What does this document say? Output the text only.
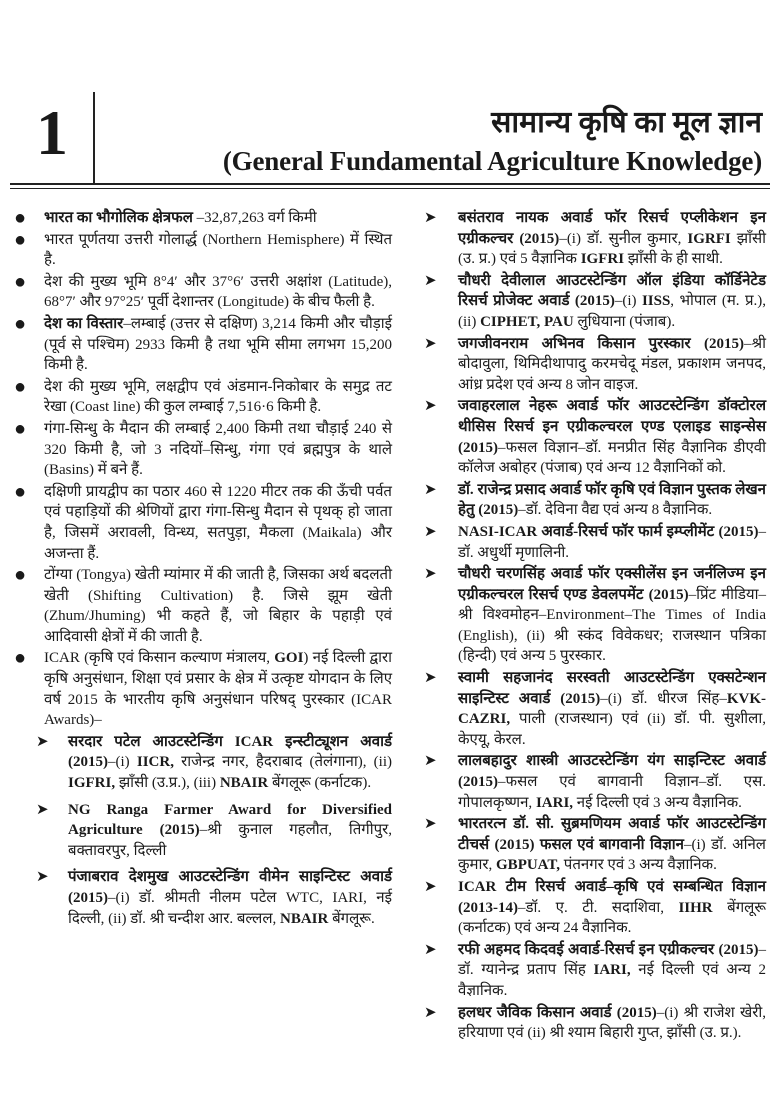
1	सामान्य कृषि का मूल ज्ञान
(General Fundamental Agriculture Knowledge)
● भारत का भौगोलिक क्षेत्रफल –32,87,263 वर्ग किमी
● भारत पूर्णतया उत्तरी गोलार्द्ध (Northern Hemisphere) में स्थित है.
● देश की मुख्य भूमि 8°4′ और 37°6′ उत्तरी अक्षांश (Latitude), 68°7′ और 97°25′ पूर्वी देशान्तर (Longitude) के बीच फैली है.
● देश का विस्तार–लम्बाई (उत्तर से दक्षिण) 3,214 किमी और चौड़ाई (पूर्व से पश्चिम) 2933 किमी है तथा भूमि सीमा लगभग 15,200 किमी है.
● देश की मुख्य भूमि, लक्षद्वीप एवं अंडमान-निकोबार के समुद्र तट रेखा (Coast line) की कुल लम्बाई 7,516·6 किमी है.
● गंगा-सिन्धु के मैदान की लम्बाई 2,400 किमी तथा चौड़ाई 240 से 320 किमी है, जो 3 नदियों–सिन्धु, गंगा एवं ब्रह्मपुत्र के थाले (Basins) में बने हैं.
● दक्षिणी प्रायद्वीप का पठार 460 से 1220 मीटर तक की ऊँची पर्वत एवं पहाड़ियों की श्रेणियों द्वारा गंगा-सिन्धु मैदान से पृथक् हो जाता है, जिसमें अरावली, विन्ध्य, सतपुड़ा, मैकला (Maikala) और अजन्ता हैं.
● टोंग्या (Tongya) खेती म्यांमार में की जाती है, जिसका अर्थ बदलती खेती (Shifting Cultivation) है. जिसे झूम खेती (Zhum/Jhuming) भी कहते हैं, जो बिहार के पहाड़ी एवं आदिवासी क्षेत्रों में की जाती है.
● ICAR (कृषि एवं किसान कल्याण मंत्रालय, GOI) नई दिल्ली द्वारा कृषि अनुसंधान, शिक्षा एवं प्रसार के क्षेत्र में उत्कृष्ट योगदान के लिए वर्ष 2015 के भारतीय कृषि अनुसंधान परिषद् पुरस्कार (ICAR Awards)–
➤ सरदार पटेल आउटस्टेन्डिंग ICAR इन्स्टीट्यूशन अवार्ड (2015)–(i) IICR, राजेन्द्र नगर, हैदराबाद (तेलंगाना), (ii) IGFRI, झाँसी (उ.प्र.), (iii) NBAIR बेंगलूरू (कर्नाटक).
➤ NG Ranga Farmer Award for Diversified Agriculture (2015)–श्री कुनाल गहलौत, तिगीपुर, बक्तावरपुर, दिल्ली
➤ पंजाबराव देशमुख आउटस्टेन्डिंग वीमेन साइन्टिस्ट अवार्ड (2015)–(i) डॉ. श्रीमती नीलम पटेल WTC, IARI, नई दिल्ली, (ii) डॉ. श्री चन्दीश आर. बल्लल, NBAIR बेंगलूरू.
➤ बसंतराव नायक अवार्ड फॉर रिसर्च एप्लीकेशन इन एग्रीकल्चर (2015)–(i) डॉ. सुनील कुमार, IGRFI झाँसी (उ. प्र.) एवं 5 वैज्ञानिक IGFRI झाँसी के ही साथी.
➤ चौधरी देवीलाल आउटस्टेन्डिंग ऑल इंडिया कॉर्डिनेटेड रिसर्च प्रोजेक्ट अवार्ड (2015)–(i) IISS, भोपाल (म. प्र.), (ii) CIPHET, PAU लुधियाना (पंजाब).
➤ जगजीवनराम अभिनव किसान पुरस्कार (2015)–श्री बोदावुला, थिमिदीथापादु करमचेदू मंडल, प्रकाशम जनपद, आंध्र प्रदेश एवं अन्य 8 जोन वाइज.
➤ जवाहरलाल नेहरू अवार्ड फॉर आउटस्टेन्डिंग डॉक्टोरल थीसिस रिसर्च इन एग्रीकल्चरल एण्ड एलाइड साइन्सेस (2015)–फसल विज्ञान–डॉ. मनप्रीत सिंह वैज्ञानिक डीएवी कॉलेज अबोहर (पंजाब) एवं अन्य 12 वैज्ञानिकों को.
➤ डॉ. राजेन्द्र प्रसाद अवार्ड फॉर कृषि एवं विज्ञान पुस्तक लेखन हेतु (2015)–डॉ. देविना वैद्य एवं अन्य 8 वैज्ञानिक.
➤ NASI-ICAR अवार्ड-रिसर्च फॉर फार्म इम्प्लीमेंट (2015)–डॉ. अधुर्थी मृणालिनी.
➤ चौधरी चरणसिंह अवार्ड फॉर एक्सीलेंस इन जर्नलिज्म इन एग्रीकल्चरल रिसर्च एण्ड डेवलपमेंट (2015)–प्रिंट मीडिया–श्री विश्वमोहन–Environment–The Times of India (English), (ii) श्री स्कंद विवेकधर; राजस्थान पत्रिका (हिन्दी) एवं अन्य 5 पुरस्कार.
➤ स्वामी सहजानंद सरस्वती आउटस्टेन्डिंग एक्सटेन्शन साइन्टिस्ट अवार्ड (2015)–(i) डॉ. धीरज सिंह–KVK-CAZRI, पाली (राजस्थान) एवं (ii) डॉ. पी. सुशीला, केएयू, केरल.
➤ लालबहादुर शास्त्री आउटस्टेन्डिंग यंग साइन्टिस्ट अवार्ड (2015)–फसल एवं बागवानी विज्ञान–डॉ. एस. गोपालकृष्णन, IARI, नई दिल्ली एवं 3 अन्य वैज्ञानिक.
➤ भारतरत्न डॉ. सी. सुब्रमणियम अवार्ड फॉर आउटस्टेन्डिंग टीचर्स (2015) फसल एवं बागवानी विज्ञान–(i) डॉ. अनिल कुमार, GBPUAT, पंतनगर एवं 3 अन्य वैज्ञानिक.
➤ ICAR टीम रिसर्च अवार्ड–कृषि एवं सम्बन्धित विज्ञान (2013-14)–डॉ. ए. टी. सदाशिवा, IIHR बेंगलूरू (कर्नाटक) एवं अन्य 24 वैज्ञानिक.
➤ रफी अहमद किदवई अवार्ड-रिसर्च इन एग्रीकल्चर (2015)–डॉ. ग्यानेन्द्र प्रताप सिंह IARI, नई दिल्ली एवं अन्य 2 वैज्ञानिक.
➤ हलधर जैविक किसान अवार्ड (2015)–(i) श्री राजेश खेरी, हरियाणा एवं (ii) श्री श्याम बिहारी गुप्त, झाँसी (उ. प्र.).
